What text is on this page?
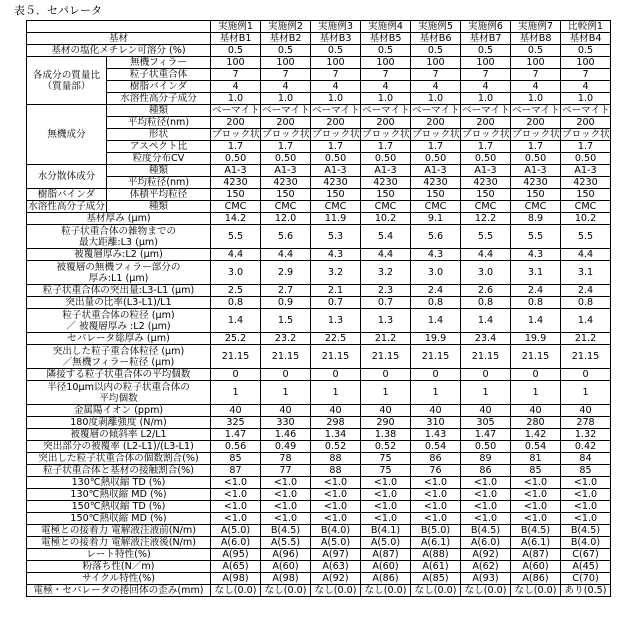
表５．セパレータ
	実施例1	実施例2	実施例3	実施例4	実施例5	実施例6	実施例7	比較例1
基材	基材B1	基材B2	基材B3	基材B5	基材B6	基材B7	基材B8	基材B4
基材の塩化メチレン可溶分 (%)	0.5	0.5	0.5	0.5	0.5	0.5	0.5	0.5
各成分の質量比
（質量部）	無機フィラー	100	100	100	100	100	100	100	100
粒子状重合体	7	7	7	7	7	7	7	7
樹脂バインダ	4	4	4	4	4	4	4	4
水溶性高分子成分	1.0	1.0	1.0	1.0	1.0	1.0	1.0	1.0
無機成分	種類	ベーマイト	ベーマイト	ベーマイト	ベーマイト	ベーマイト	ベーマイト	ベーマイト	ベーマイト
平均粒径(nm)	200	200	200	200	200	200	200	200
形状	ブロック状	ブロック状	ブロック状	ブロック状	ブロック状	ブロック状	ブロック状	ブロック状
アスペクト比	1.7	1.7	1.7	1.7	1.7	1.7	1.7	1.7
粒度分布CV	0.50	0.50	0.50	0.50	0.50	0.50	0.50	0.50
水分散体成分	種類	A1-3	A1-3	A1-3	A1-3	A1-3	A1-3	A1-3	A1-3
平均粒径(nm)	4230	4230	4230	4230	4230	4230	4230	4230
樹脂バインダ	体積平均粒径	150	150	150	150	150	150	150	150
水溶性高分子成分	種類	CMC	CMC	CMC	CMC	CMC	CMC	CMC	CMC
基材厚み (μm)	14.2	12.0	11.9	10.2	9.1	12.2	8.9	10.2
粒子状重合体の雑物までの
最大距離:L3 (μm)	5.5	5.6	5.3	5.4	5.6	5.5	5.5	5.5
被覆層厚み:L2 (μm)	4.4	4.4	4.3	4.4	4.3	4.4	4.3	4.4
被覆層の無機フィラー部分の
厚み:L1 (μm)	3.0	2.9	3.2	3.2	3.0	3.0	3.1	3.1
粒子状重合体の突出量:L3-L1 (μm)	2.5	2.7	2.1	2.3	2.4	2.6	2.4	2.4
突出量の比率(L3-L1)/L1	0.8	0.9	0.7	0.7	0.8	0.8	0.8	0.8
粒子状重合体の粒径 (μm)
／ 被覆層厚み :L2 (μm)	1.4	1.5	1.3	1.3	1.4	1.4	1.4	1.4
セパレータ総厚み (μm)	25.2	23.2	22.5	21.2	19.9	23.4	19.9	21.2
突出した粒子重合体粒径 (μm)
／無機フィラー粒径 (μm)	21.15	21.15	21.15	21.15	21.15	21.15	21.15	21.15
隣接する粒子状重合体の平均個数	0	0	0	0	0	0	0	0
半径10μm以内の粒子状重合体の
平均個数	1	1	1	1	1	1	1	1
金属陽イオン (ppm)	40	40	40	40	40	40	40	40
180度剥離強度 (N/m)	325	330	298	290	310	305	280	278
被覆層の傾斜率 L2/L1	1.47	1.46	1.34	1.38	1.43	1.47	1.42	1.32
突出部分の被覆率 (L2-L1)/(L3-L1)	0.56	0.49	0.52	0.52	0.54	0.50	0.54	0.42
突出した粒子状重合体の個数割合(%)	85	78	88	75	86	89	81	84
粒子状重合体と基材の接触割合(%)	87	77	88	75	76	86	85	85
130℃熱収縮 TD (%)	<1.0	<1.0	<1.0	<1.0	<1.0	<1.0	<1.0	<1.0
130℃熱収縮 MD (%)	<1.0	<1.0	<1.0	<1.0	<1.0	<1.0	<1.0	<1.0
150℃熱収縮 TD (%)	<1.0	<1.0	<1.0	<1.0	<1.0	<1.0	<1.0	<1.0
150℃熱収縮 MD (%)	<1.0	<1.0	<1.0	<1.0	<1.0	<1.0	<1.0	<1.0
電極との接着力 電解液注液前(N/m)	A(5.0)	B(4.5)	B(4.0)	B(4.1)	B(5.0)	B(4.5)	B(4.5)	B(4.5)
電極との接着力 電解液注液後(N/m)	A(6.0)	A(5.5)	A(5.0)	A(5.0)	A(6.1)	A(6.0)	A(6.1)	B(4.0)
レート特性(%)	A(95)	A(96)	A(97)	A(87)	A(88)	A(92)	A(87)	C(67)
粉落ち性(N／m)	A(65)	A(60)	A(63)	A(60)	A(61)	A(62)	A(60)	A(45)
サイクル特性(%)	A(98)	A(98)	A(92)	A(86)	A(85)	A(93)	A(86)	C(70)
電極・セパレータの捲回体の歪み(mm)	なし(0.0)	なし(0.0)	なし(0.0)	なし(0.0)	なし(0.0)	なし(0.0)	なし(0.0)	あり(0.5)
